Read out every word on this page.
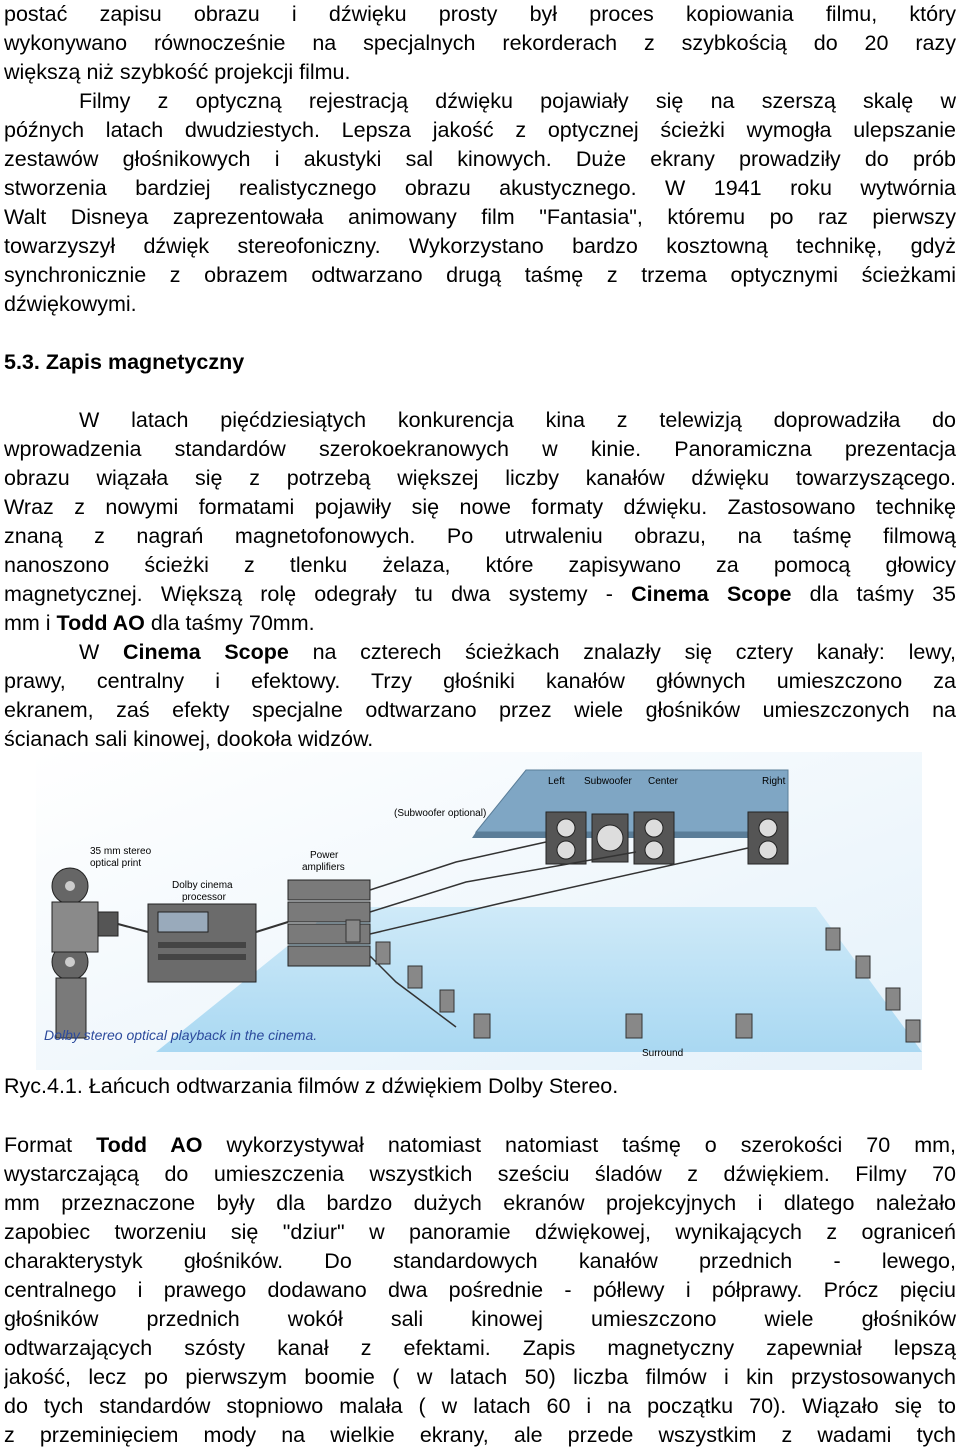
postać zapisu obrazu i dźwięku prosty był proces kopiowania filmu, który
wykonywano równocześnie na specjalnych rekorderach z szybkością do 20 razy
większą niż szybkość projekcji filmu.
Filmy z optyczną rejestracją dźwięku pojawiały się na szerszą skalę w
późnych latach dwudziestych. Lepsza jakość z optycznej ścieżki wymogła ulepszanie
zestawów głośnikowych i akustyki sal kinowych. Duże ekrany prowadziły do prób
stworzenia bardziej realistycznego obrazu akustycznego. W 1941 roku wytwórnia
Walt Disneya zaprezentowała animowany film "Fantasia", któremu po raz pierwszy
towarzyszył dźwięk stereofoniczny. Wykorzystano bardzo kosztowną technikę, gdyż
synchronicznie z obrazem odtwarzano drugą taśmę z trzema optycznymi ścieżkami
dźwiękowymi.
5.3. Zapis magnetyczny
W latach pięćdziesiątych konkurencja kina z telewizją doprowadziła do
wprowadzenia standardów szerokoekranowych w kinie. Panoramiczna prezentacja
obrazu wiązała się z potrzebą większej liczby kanałów dźwięku towarzyszącego.
Wraz z nowymi formatami pojawiły się nowe formaty dźwięku. Zastosowano technikę
znaną z nagrań magnetofonowych. Po utrwaleniu obrazu, na taśmę filmową
nanoszono ścieżki z tlenku żelaza, które zapisywano za pomocą głowicy
magnetycznej. Większą rolę odegrały tu dwa systemy - Cinema Scope dla taśmy 35
mm i Todd AO dla taśmy 70mm.
W Cinema Scope na czterech ścieżkach znalazły się cztery kanały: lewy,
prawy, centralny i efektowy. Trzy głośniki kanałów głównych umieszczono za
ekranem, zaś efekty specjalne odtwarzano przez wiele głośników umieszczonych na
ścianach sali kinowej, dookoła widzów.
Left Subwoofer Center	Right
(Subwoofer optional)
35 mm stereo
optical print
Dolby cinema
processor
Power
amplifiers
Surround
Dolby stereo optical playback in the cinema.
Ryc.4.1. Łańcuch odtwarzania filmów z dźwiękiem Dolby Stereo.
Format Todd AO wykorzystywał natomiast natomiast taśmę o szerokości 70 mm,
wystarczającą do umieszczenia wszystkich sześciu śladów z dźwiękiem. Filmy 70
mm przeznaczone były dla bardzo dużych ekranów projekcyjnych i dlatego należało
zapobiec tworzeniu się "dziur" w panoramie dźwiękowej, wynikających z ograniceń
charakterystyk głośników. Do standardowych kanałów przednich - lewego,
centralnego i prawego dodawano dwa pośrednie - półlewy i półprawy. Prócz pięciu
głośników przednich wokół sali kinowej umieszczono wiele głośników
odtwarzających szósty kanał z efektami. Zapis magnetyczny zapewniał lepszą
jakość, lecz po pierwszym boomie ( w latach 50) liczba filmów i kin przystosowanych
do tych standardów stopniowo malała ( w latach 60 i na początku 70). Wiązało się to
z przeminięciem mody na wielkie ekrany, ale przede wszystkim z wadami tych
